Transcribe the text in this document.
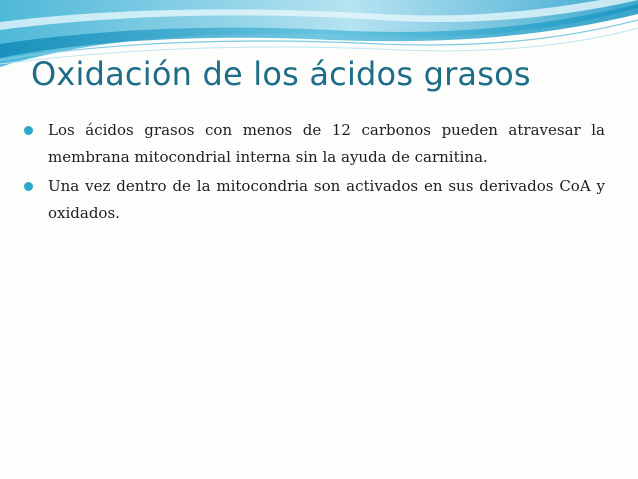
Oxidación de los ácidos grasos
Los ácidos grasos con menos de 12 carbonos pueden atravesar la membrana mitocondrial interna sin la ayuda de carnitina.
Una vez dentro de la mitocondria son activados en sus derivados CoA y oxidados.
